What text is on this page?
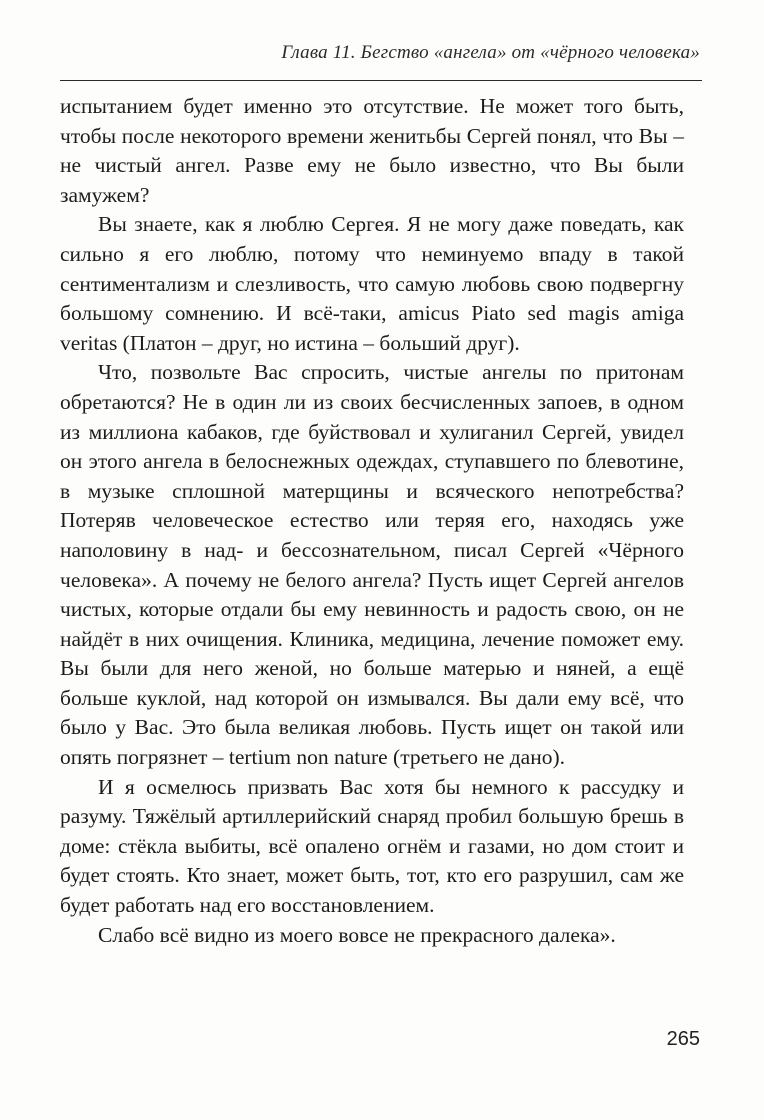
Глава 11. Бегство «ангела» от «чёрного человека»

испытанием будет именно это отсутствие. Не может того быть, чтобы после некоторого времени женитьбы Сергей понял, что Вы – не чистый ангел. Разве ему не было известно, что Вы были замужем?

Вы знаете, как я люблю Сергея. Я не могу даже поведать, как сильно я его люблю, потому что неминуемо впаду в такой сентиментализм и слезливость, что самую любовь свою подвергну большому сомнению. И всё-таки, amicus Piato sed magis amiga veritas (Платон – друг, но истина – больший друг).

Что, позвольте Вас спросить, чистые ангелы по притонам обретаются? Не в один ли из своих бесчисленных запоев, в одном из миллиона кабаков, где буйствовал и хулиганил Сергей, увидел он этого ангела в белоснежных одеждах, ступавшего по блевотине, в музыке сплошной матерщины и всяческого непотребства? Потеряв человеческое естество или теряя его, находясь уже наполовину в над- и бессознательном, писал Сергей «Чёрного человека». А почему не белого ангела? Пусть ищет Сергей ангелов чистых, которые отдали бы ему невинность и радость свою, он не найдёт в них очищения. Клиника, медицина, лечение поможет ему. Вы были для него женой, но больше матерью и няней, а ещё больше куклой, над которой он измывался. Вы дали ему всё, что было у Вас. Это была великая любовь. Пусть ищет он такой или опять погрязнет – tertium non nature (третьего не дано).

И я осмелюсь призвать Вас хотя бы немного к рассудку и разуму. Тяжёлый артиллерийский снаряд пробил большую брешь в доме: стёкла выбиты, всё опалено огнём и газами, но дом стоит и будет стоять. Кто знает, может быть, тот, кто его разрушил, сам же будет работать над его восстановлением.

Слабо всё видно из моего вовсе не прекрасного далека».

265
